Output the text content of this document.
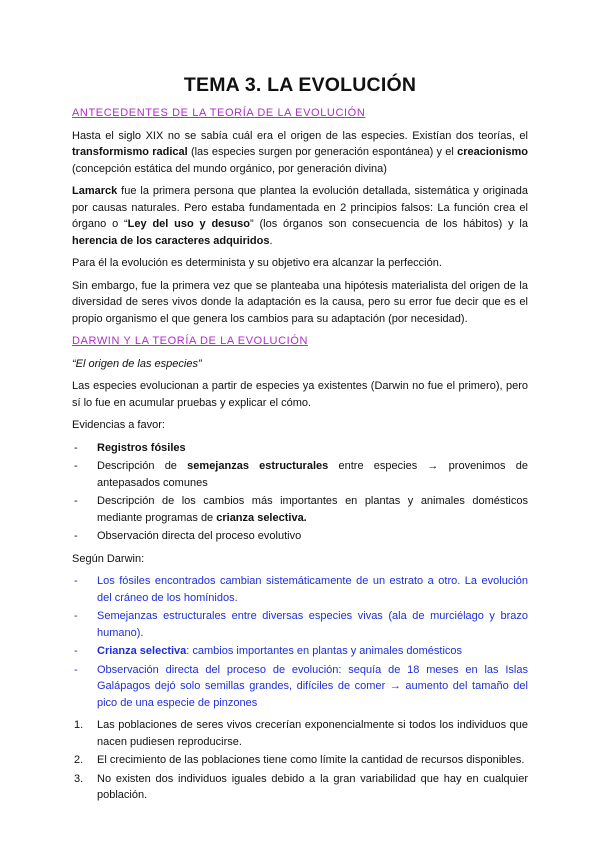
TEMA 3. LA EVOLUCIÓN
ANTECEDENTES DE LA TEORÍA DE LA EVOLUCIÓN

Hasta el siglo XIX no se sabía cuál era el origen de las especies. Existían dos teorías, el transformismo radical (las especies surgen por generación espontánea) y el creacionismo (concepción estática del mundo orgánico, por generación divina)

Lamarck fue la primera persona que plantea la evolución detallada, sistemática y originada por causas naturales. Pero estaba fundamentada en 2 principios falsos: La función crea el órgano o “Ley del uso y desuso” (los órganos son consecuencia de los hábitos) y la herencia de los caracteres adquiridos.

Para él la evolución es determinista y su objetivo era alcanzar la perfección.

Sin embargo, fue la primera vez que se planteaba una hipótesis materialista del origen de la diversidad de seres vivos donde la adaptación es la causa, pero su error fue decir que es el propio organismo el que genera los cambios para su adaptación (por necesidad).

DARWIN Y LA TEORÍA DE LA EVOLUCIÓN
“El origen de las especies”

Las especies evolucionan a partir de especies ya existentes (Darwin no fue el primero), pero sí lo fue en acumular pruebas y explicar el cómo.

Evidencias a favor:

- Registros fósiles
- Descripción de semejanzas estructurales entre especies → provenimos de antepasados comunes
- Descripción de los cambios más importantes en plantas y animales domésticos mediante programas de crianza selectiva.
- Observación directa del proceso evolutivo

Según Darwin:

- Los fósiles encontrados cambian sistemáticamente de un estrato a otro. La evolución del cráneo de los homínidos.
- Semejanzas estructurales entre diversas especies vivas (ala de murciélago y brazo humano).
- Crianza selectiva: cambios importantes en plantas y animales domésticos
- Observación directa del proceso de evolución: sequía de 18 meses en las Islas Galápagos dejó solo semillas grandes, difíciles de comer → aumento del tamaño del pico de una especie de pinzones
1. Las poblaciones de seres vivos crecerían exponencialmente si todos los individuos que nacen pudiesen reproducirse.
2. El crecimiento de las poblaciones tiene como límite la cantidad de recursos disponibles.
3. No existen dos individuos iguales debido a la gran variabilidad que hay en cualquier población.
